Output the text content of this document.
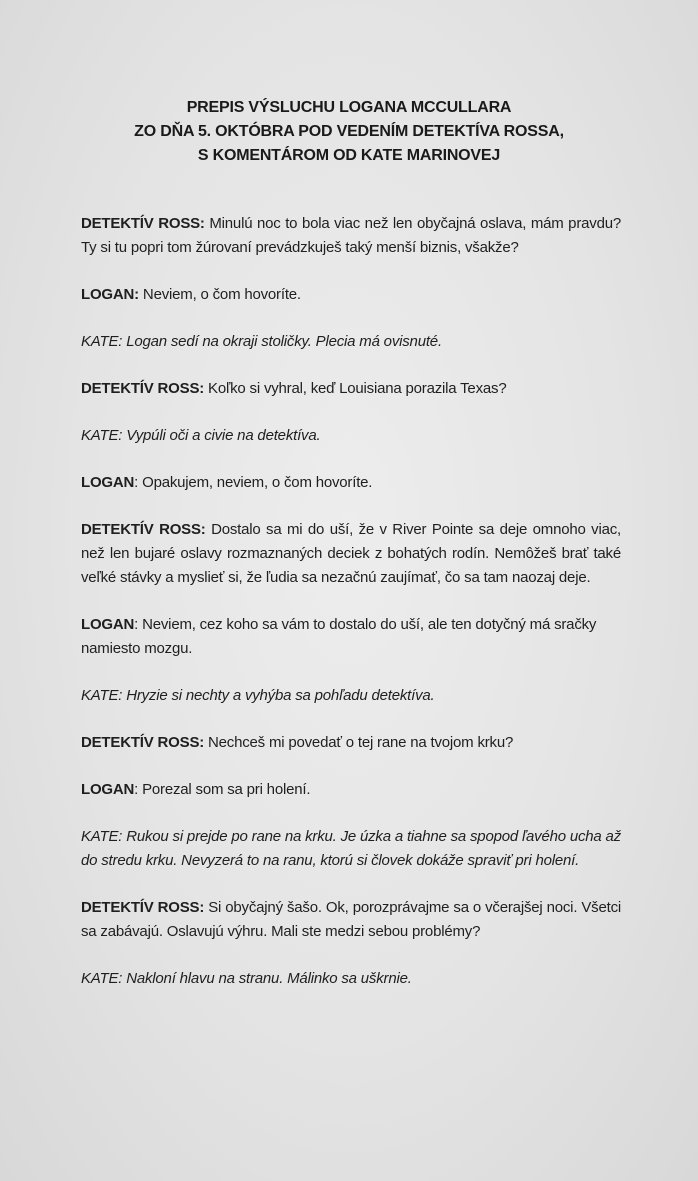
PREPIS VÝSLUCHU LOGANA MCCULLARA
ZO DŇA 5. OKTÓBRA POD VEDENÍM DETEKTÍVA ROSSA,
S KOMENTÁROM OD KATE MARINOVEJ

DETEKTÍV ROSS: Minulú noc to bola viac než len obyčajná oslava, mám pravdu? Ty si tu popri tom žúrovaní prevádzkuješ taký menší biznis, všakže?

LOGAN: Neviem, o čom hovoríte.

KATE: Logan sedí na okraji stoličky. Plecia má ovisnuté.

DETEKTÍV ROSS: Koľko si vyhral, keď Louisiana porazila Texas?

KATE: Vypúli oči a civie na detektíva.

LOGAN: Opakujem, neviem, o čom hovoríte.

DETEKTÍV ROSS: Dostalo sa mi do uší, že v River Pointe sa deje omnoho viac, než len bujaré oslavy rozmaznaných deciek z bohatých rodín. Nemôžeš brať také veľké stávky a myslieť si, že ľudia sa nezačnú zaujímať, čo sa tam naozaj deje.

LOGAN: Neviem, cez koho sa vám to dostalo do uší, ale ten dotyčný má sračky namiesto mozgu.

KATE: Hryzie si nechty a vyhýba sa pohľadu detektíva.

DETEKTÍV ROSS: Nechceš mi povedať o tej rane na tvojom krku?

LOGAN: Porezal som sa pri holení.

KATE: Rukou si prejde po rane na krku. Je úzka a tiahne sa spopod ľavého ucha až do stredu krku. Nevyzerá to na ranu, ktorú si človek dokáže spraviť pri holení.

DETEKTÍV ROSS: Si obyčajný šašo. Ok, porozprávajme sa o včerajšej noci. Všetci sa zabávajú. Oslavujú výhru. Mali ste medzi sebou problémy?

KATE: Nakloní hlavu na stranu. Málinko sa uškrnie.
